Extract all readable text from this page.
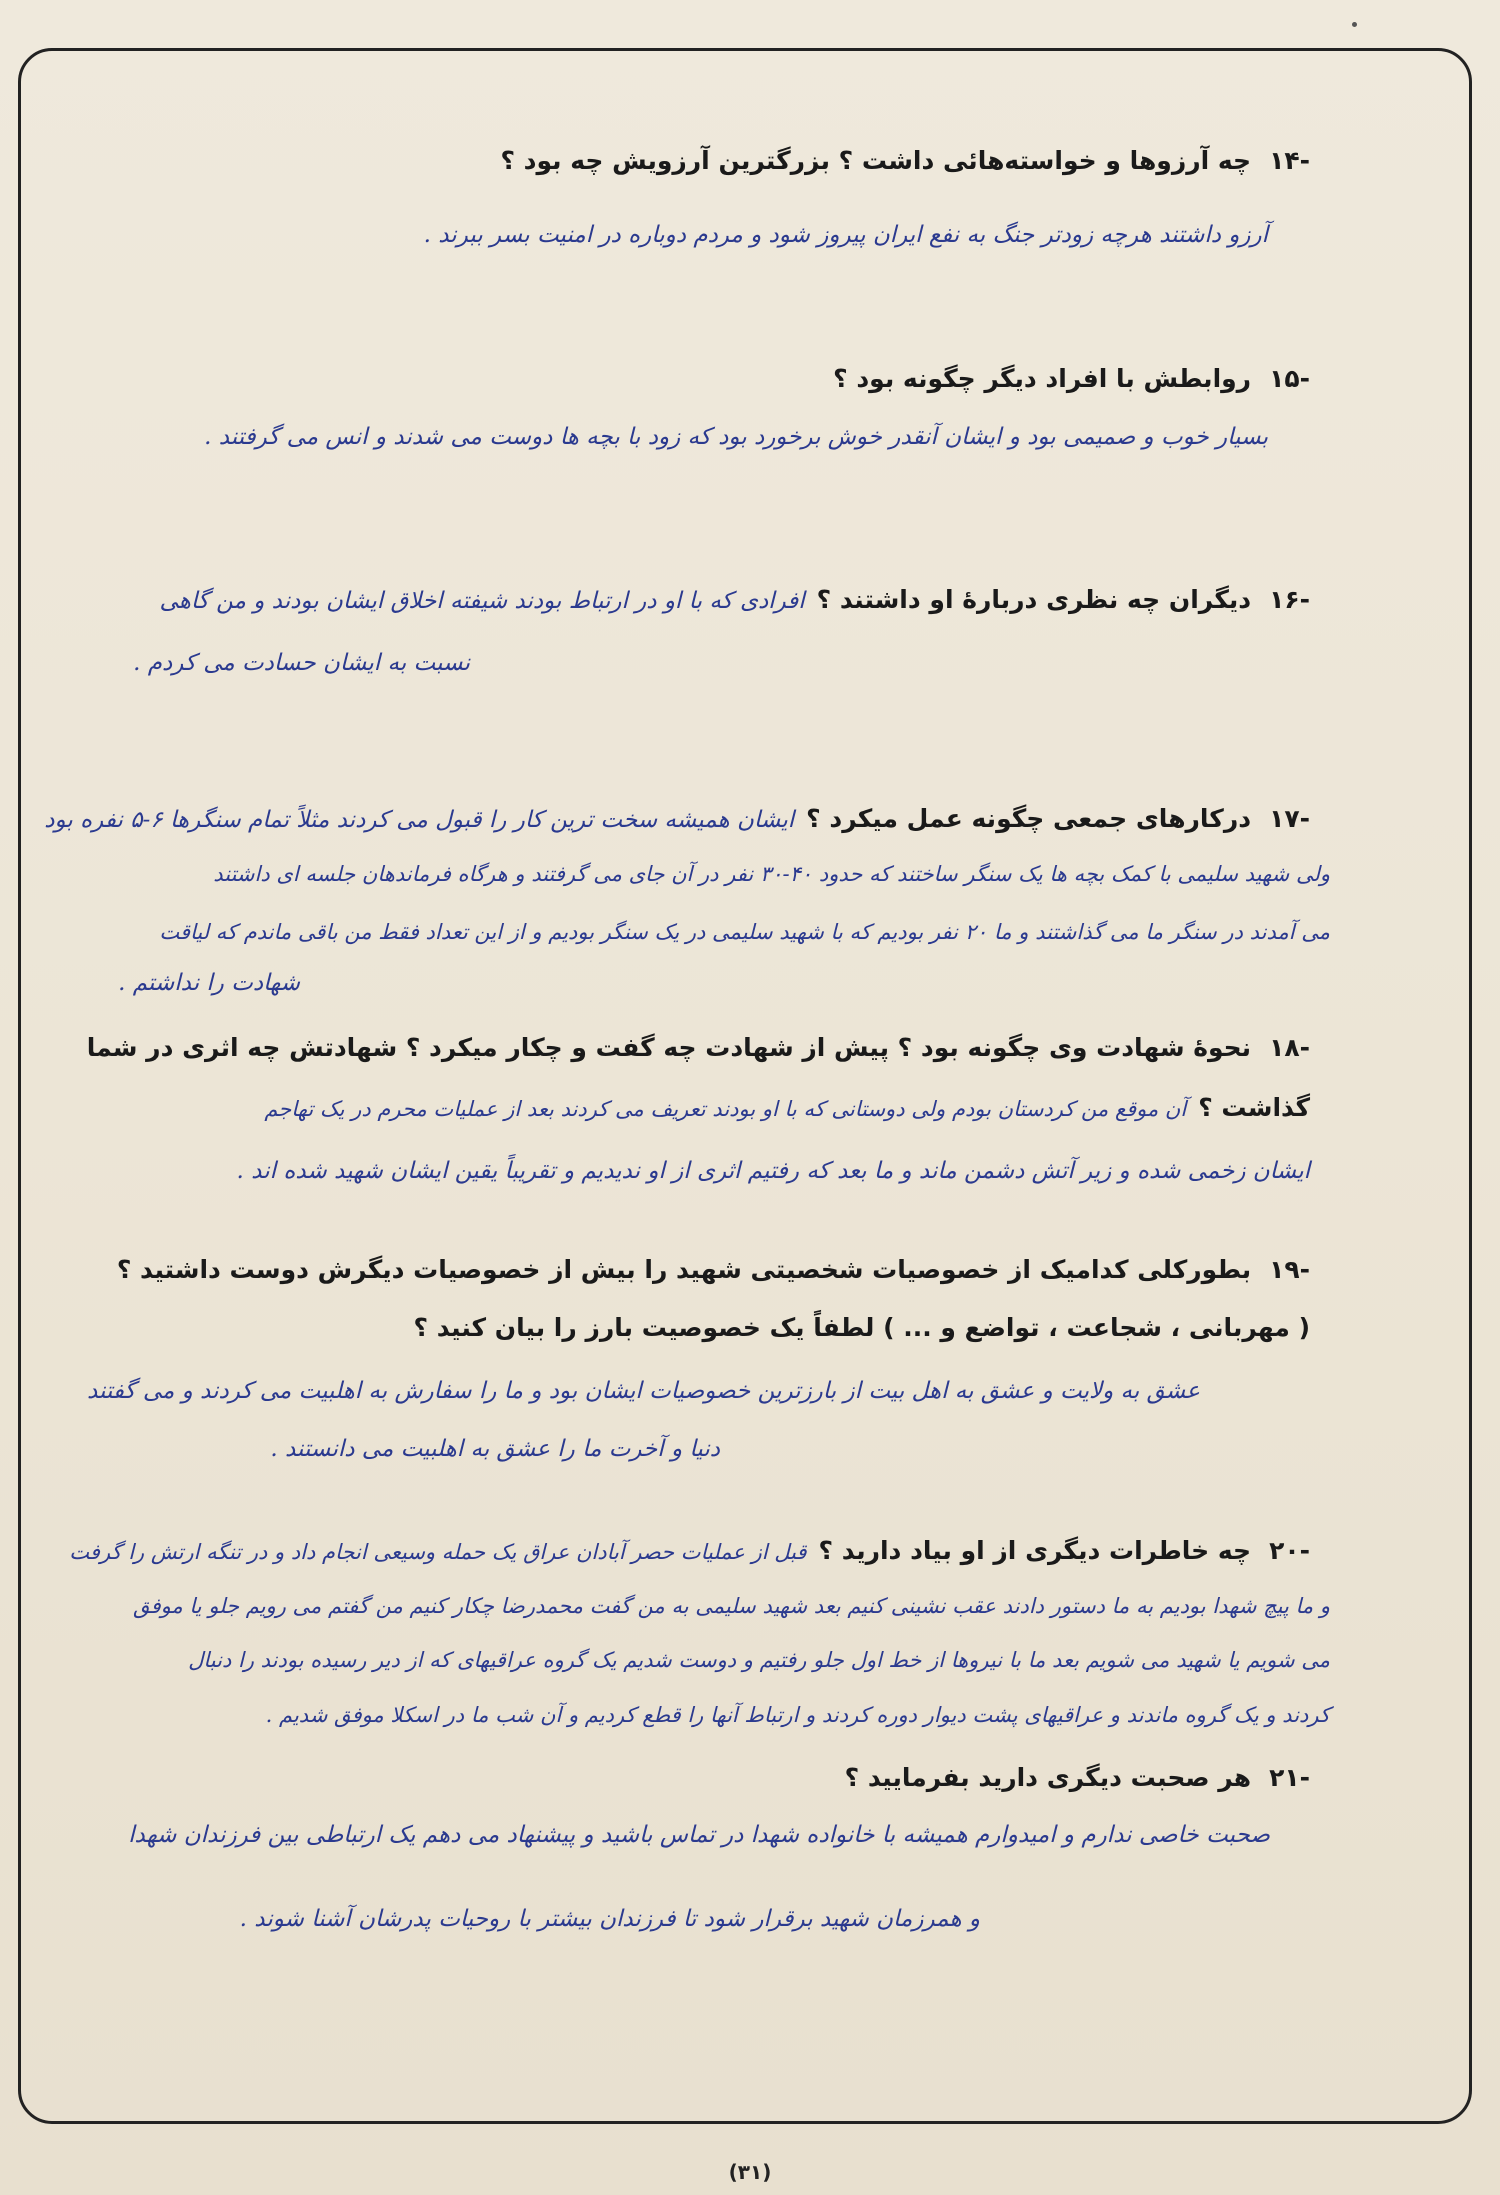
-۱۴چه آرزوها و خواسته‌هائی داشت ؟ بزرگترین آرزویش چه بود ؟
آرزو داشتند هرچه زودتر جنگ به نفع ایران پیروز شود و مردم دوباره در امنیت بسر ببرند .
-۱۵روابطش با افراد دیگر چگونه بود ؟
بسیار خوب و صمیمی بود و ایشان آنقدر خوش برخورد بود که زود با بچه ها دوست می شدند و انس می گرفتند .
-۱۶دیگران چه نظری دربارهٔ او داشتند ؟افرادی که با او در ارتباط بودند شیفته اخلاق ایشان بودند و من گاهی
نسبت به ایشان حسادت می کردم .
-۱۷درکارهای جمعی چگونه عمل میکرد ؟ایشان همیشه سخت ترین کار را قبول می کردند مثلاً تمام سنگرها ۶-۵ نفره بود
ولی شهید سلیمی با کمک بچه ها یک سنگر ساختند که حدود ۴۰-۳۰ نفر در آن جای می گرفتند و هرگاه فرماندهان جلسه ای داشتند
می آمدند در سنگر ما می گذاشتند و ما ۲۰ نفر بودیم که با شهید سلیمی در یک سنگر بودیم و از این تعداد فقط من باقی ماندم که لیاقت
شهادت را نداشتم .
-۱۸نحوهٔ شهادت وی چگونه بود ؟ پیش از شهادت چه گفت و چکار میکرد ؟ شهادتش چه اثری در شما
گذاشت ؟آن موقع من کردستان بودم ولی دوستانی که با او بودند تعریف می کردند بعد از عملیات محرم در یک تهاجم
ایشان زخمی شده و زیر آتش دشمن ماند و ما بعد که رفتیم اثری از او ندیدیم و تقریباً یقین ایشان شهید شده اند .
-۱۹بطورکلی کدامیک از خصوصیات شخصیتی شهید را بیش از خصوصیات دیگرش دوست داشتید ؟
( مهربانی ، شجاعت ، تواضع و ... ) لطفاً یک خصوصیت بارز را بیان کنید ؟
عشق به ولایت و عشق به اهل بیت از بارزترین خصوصیات ایشان بود و ما را سفارش به اهلبیت می کردند و می گفتند
دنیا و آخرت ما را عشق به اهلبیت می دانستند .
-۲۰چه خاطرات دیگری از او بیاد دارید ؟قبل از عملیات حصر آبادان عراق یک حمله وسیعی انجام داد و در تنگه ارتش را گرفت
و ما پیچ شهدا بودیم به ما دستور دادند عقب نشینی کنیم بعد شهید سلیمی به من گفت محمدرضا چکار کنیم من گفتم می رویم جلو یا موفق
می شویم یا شهید می شویم بعد ما با نیروها از خط اول جلو رفتیم و دوست شدیم یک گروه عراقیهای که از دیر رسیده بودند را دنبال
کردند و یک گروه ماندند و عراقیهای پشت دیوار دوره کردند و ارتباط آنها را قطع کردیم و آن شب ما در اسکلا موفق شدیم .
-۲۱هر صحبت دیگری دارید بفرمایید ؟
صحبت خاصی ندارم و امیدوارم همیشه با خانواده شهدا در تماس باشید و پیشنهاد می دهم یک ارتباطی بین فرزندان شهدا
و همرزمان شهید برقرار شود تا فرزندان بیشتر با روحیات پدرشان آشنا شوند .
(۳۱)
